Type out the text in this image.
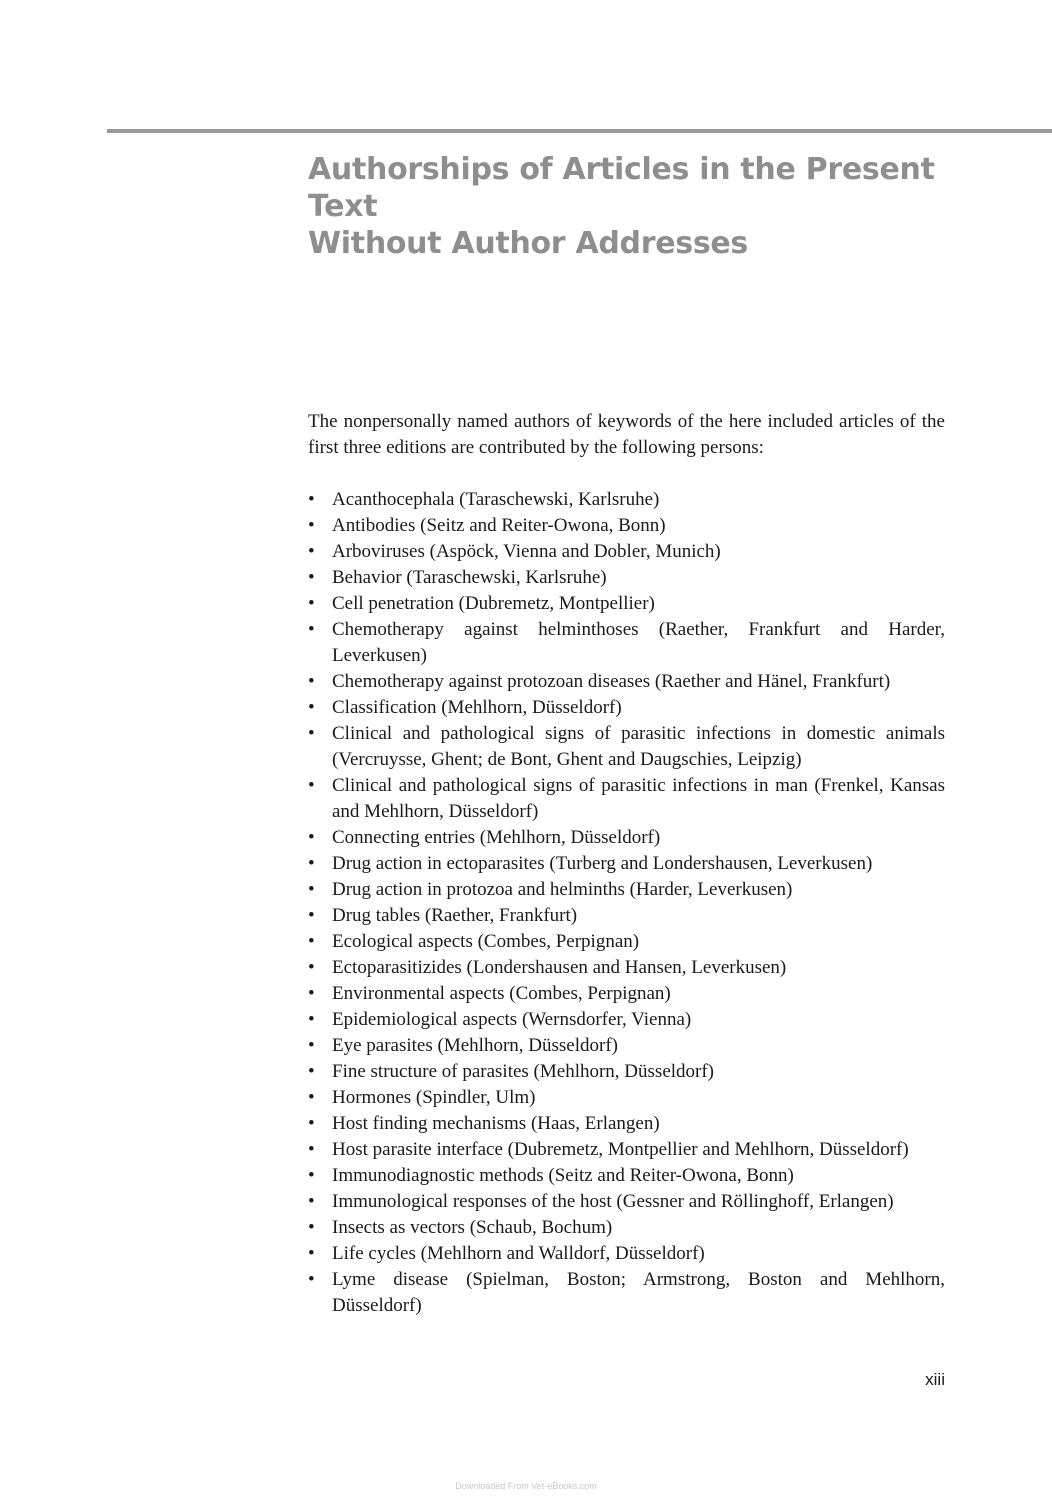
Authorships of Articles in the Present Text
Without Author Addresses

The nonpersonally named authors of keywords of the here included articles of the first three editions are contributed by the following persons:

• Acanthocephala (Taraschewski, Karlsruhe)
• Antibodies (Seitz and Reiter-Owona, Bonn)
• Arboviruses (Aspöck, Vienna and Dobler, Munich)
• Behavior (Taraschewski, Karlsruhe)
• Cell penetration (Dubremetz, Montpellier)
• Chemotherapy against helminthoses (Raether, Frankfurt and Harder, Leverkusen)
• Chemotherapy against protozoan diseases (Raether and Hänel, Frankfurt)
• Classification (Mehlhorn, Düsseldorf)
• Clinical and pathological signs of parasitic infections in domestic animals (Vercruysse, Ghent; de Bont, Ghent and Daugschies, Leipzig)
• Clinical and pathological signs of parasitic infections in man (Frenkel, Kansas and Mehlhorn, Düsseldorf)
• Connecting entries (Mehlhorn, Düsseldorf)
• Drug action in ectoparasites (Turberg and Londershausen, Leverkusen)
• Drug action in protozoa and helminths (Harder, Leverkusen)
• Drug tables (Raether, Frankfurt)
• Ecological aspects (Combes, Perpignan)
• Ectoparasitizides (Londershausen and Hansen, Leverkusen)
• Environmental aspects (Combes, Perpignan)
• Epidemiological aspects (Wernsdorfer, Vienna)
• Eye parasites (Mehlhorn, Düsseldorf)
• Fine structure of parasites (Mehlhorn, Düsseldorf)
• Hormones (Spindler, Ulm)
• Host finding mechanisms (Haas, Erlangen)
• Host parasite interface (Dubremetz, Montpellier and Mehlhorn, Düsseldorf)
• Immunodiagnostic methods (Seitz and Reiter-Owona, Bonn)
• Immunological responses of the host (Gessner and Röllinghoff, Erlangen)
• Insects as vectors (Schaub, Bochum)
• Life cycles (Mehlhorn and Walldorf, Düsseldorf)
• Lyme disease (Spielman, Boston; Armstrong, Boston and Mehlhorn, Düsseldorf)
xiii
Downloaded From Vet-eBooks.com
